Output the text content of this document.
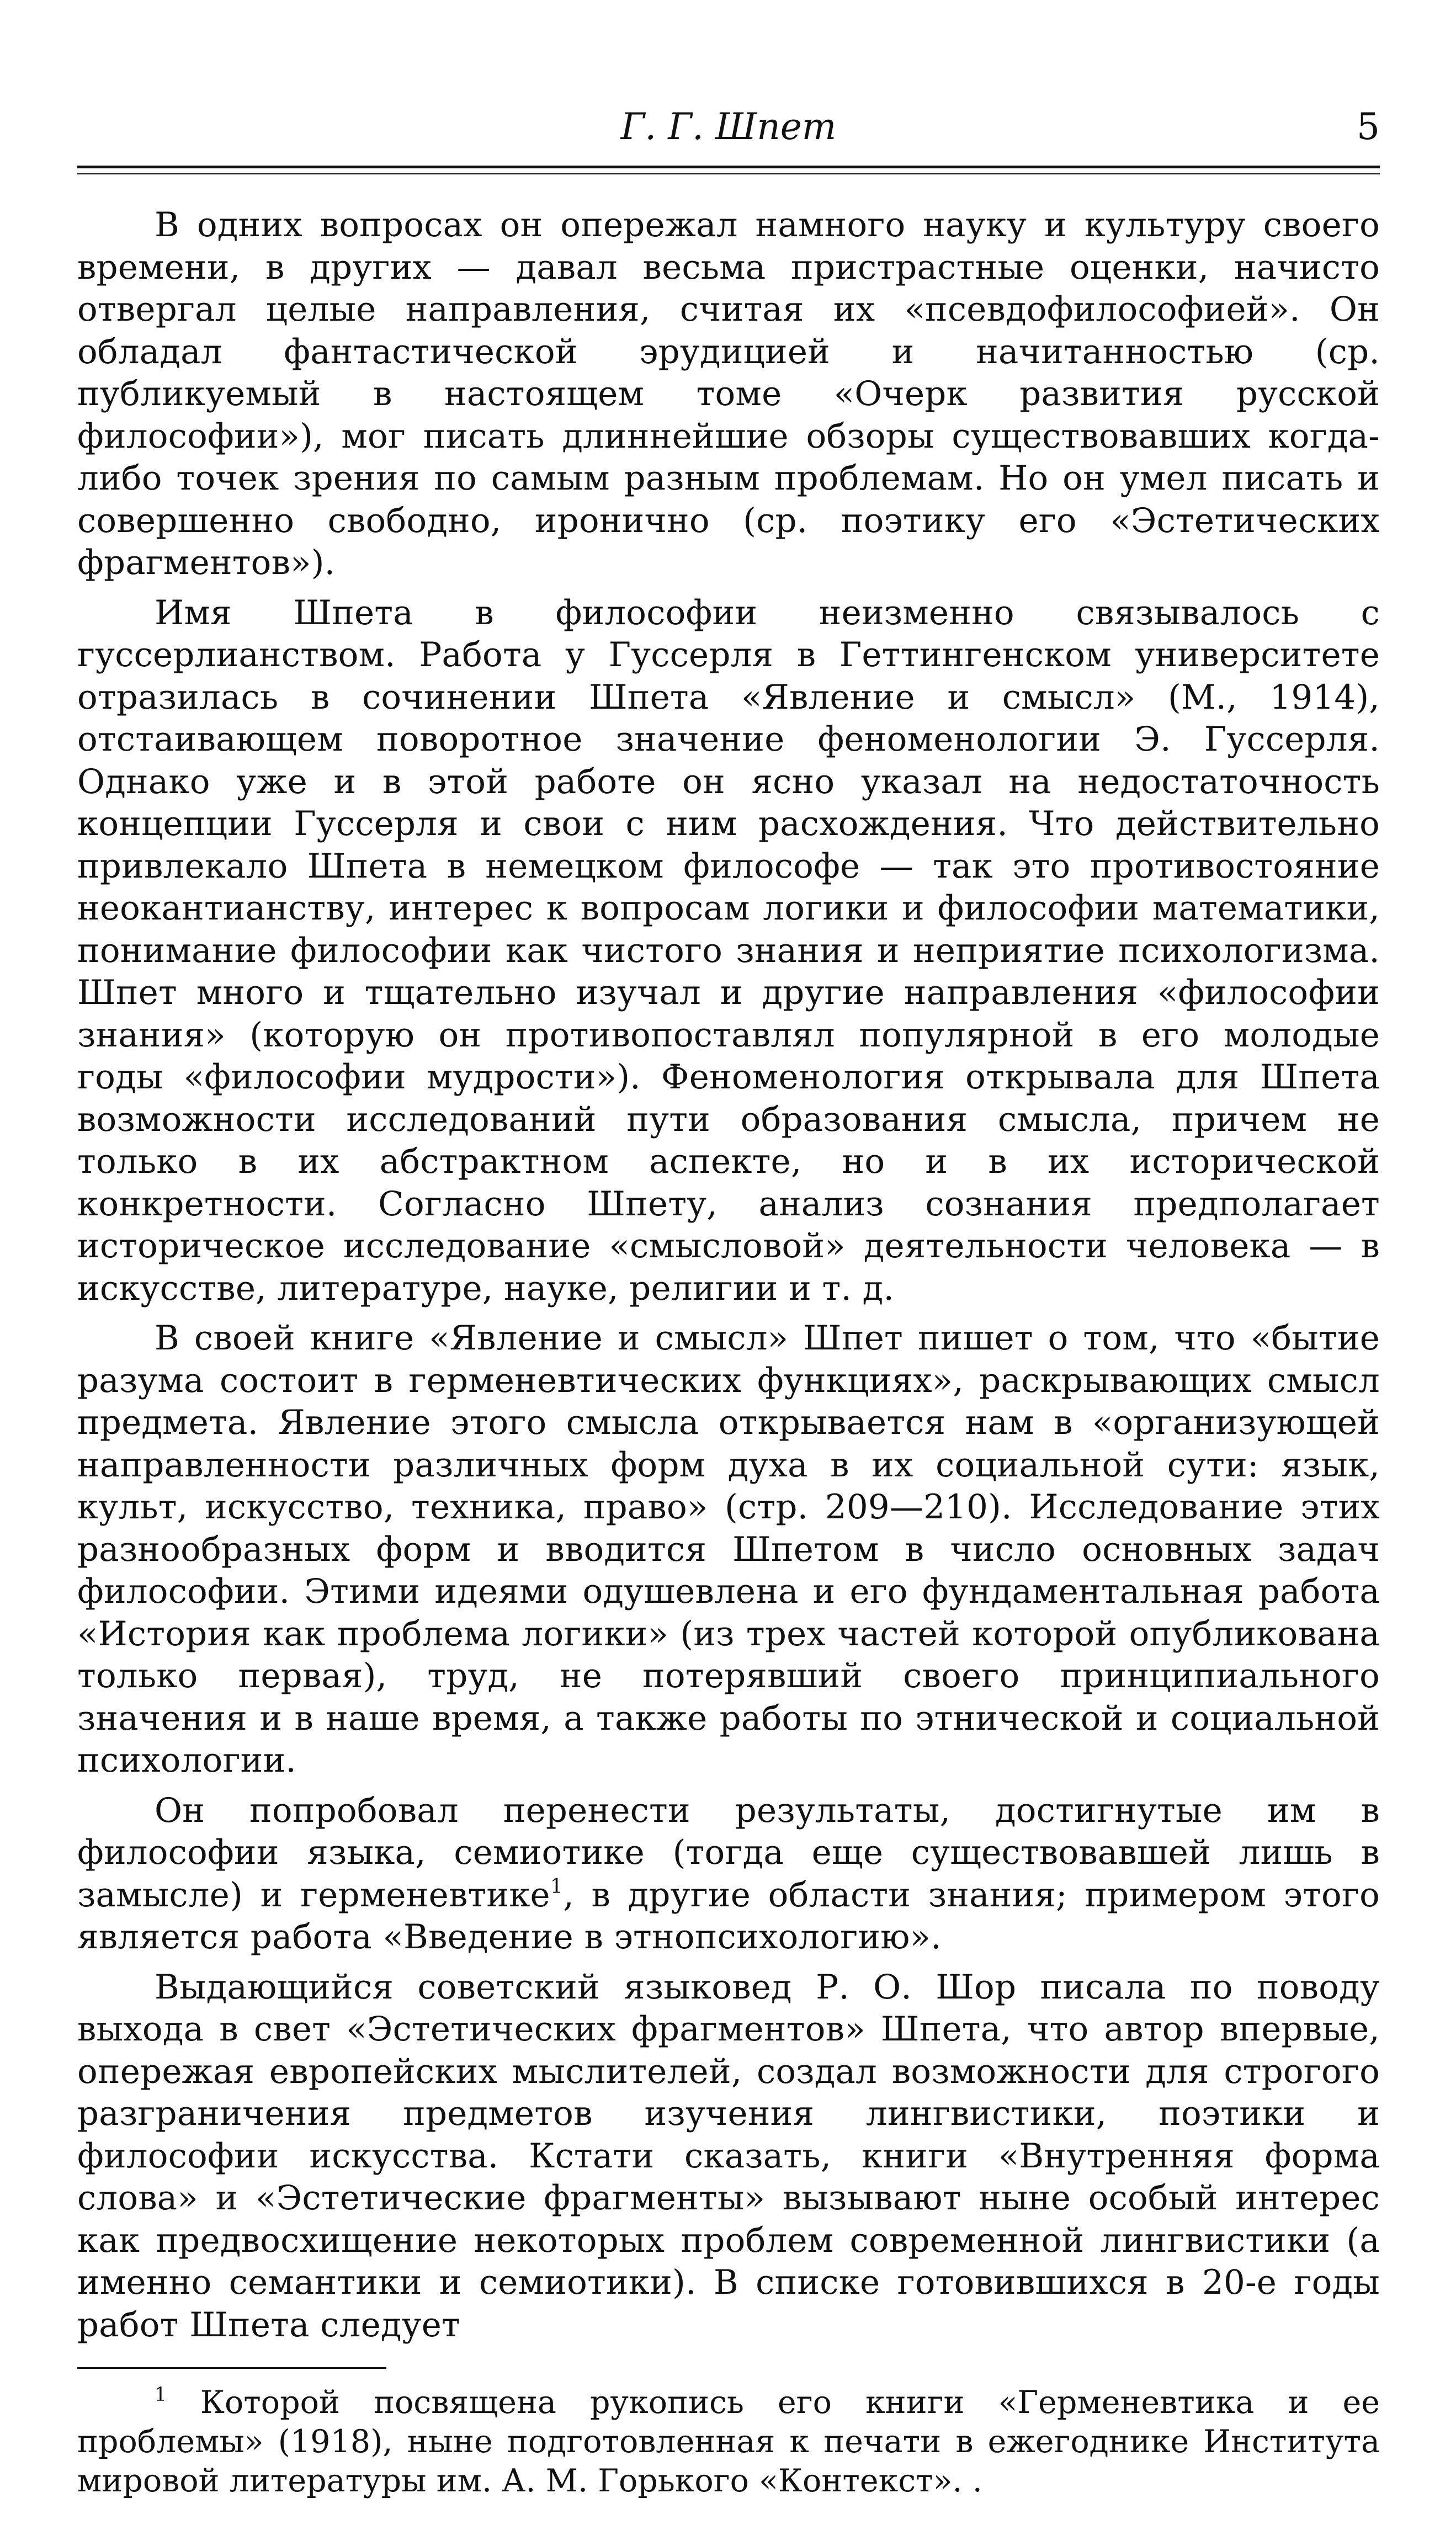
Г. Г. Шпет	5

В одних вопросах он опережал намного науку и культуру своего времени, в других — давал весьма пристрастные оценки, начисто отвергал целые направления, считая их «псевдофилософией». Он обладал фантастической эрудицией и начитанностью (ср. публикуемый в настоящем томе «Очерк развития русской философии»), мог писать длиннейшие обзоры существовавших когда-либо точек зрения по самым разным проблемам. Но он умел писать и совершенно свободно, иронично (ср. поэтику его «Эстетических фрагментов»).

Имя Шпета в философии неизменно связывалось с гуссерлианством. Работа у Гуссерля в Геттингенском университете отразилась в сочинении Шпета «Явление и смысл» (М., 1914), отстаивающем поворотное значение феноменологии Э. Гуссерля. Однако уже и в этой работе он ясно указал на недостаточность концепции Гуссерля и свои с ним расхождения. Что действительно привлекало Шпета в немецком философе — так это противостояние неокантианству, интерес к вопросам логики и философии математики, понимание философии как чистого знания и неприятие психологизма. Шпет много и тщательно изучал и другие направления «философии знания» (которую он противопоставлял популярной в его молодые годы «философии мудрости»). Феноменология открывала для Шпета возможности исследований пути образования смысла, причем не только в их абстрактном аспекте, но и в их исторической конкретности. Согласно Шпету, анализ сознания предполагает историческое исследование «смысловой» деятельности человека — в искусстве, литературе, науке, религии и т. д.

В своей книге «Явление и смысл» Шпет пишет о том, что «бытие разума состоит в герменевтических функциях», раскрывающих смысл предмета. Явление этого смысла открывается нам в «организующей направленности различных форм духа в их социальной сути: язык, культ, искусство, техника, право» (стр. 209—210). Исследование этих разнообразных форм и вводится Шпетом в число основных задач философии. Этими идеями одушевлена и его фундаментальная работа «История как проблема логики» (из трех частей которой опубликована только первая), труд, не потерявший своего принципиального значения и в наше время, а также работы по этнической и социальной психологии.

Он попробовал перенести результаты, достигнутые им в философии языка, семиотике (тогда еще существовавшей лишь в замысле) и герменевтике$^1$, в другие области знания; примером этого является работа «Введение в этнопсихологию».

Выдающийся советский языковед Р. О. Шор писала по поводу выхода в свет «Эстетических фрагментов» Шпета, что автор впервые, опережая европейских мыслителей, создал возможности для строгого разграничения предметов изучения лингвистики, поэтики и философии искусства. Кстати сказать, книги «Внутренняя форма слова» и «Эстетические фрагменты» вызывают ныне особый интерес как предвосхищение некоторых проблем современной лингвистики (а именно семантики и семиотики). В списке готовившихся в 20-е годы работ Шпета следует

$^1$ Которой посвящена рукопись его книги «Герменевтика и ее проблемы» (1918), ныне подготовленная к печати в ежегоднике Института мировой литературы им. А. М. Горького «Контекст». .
